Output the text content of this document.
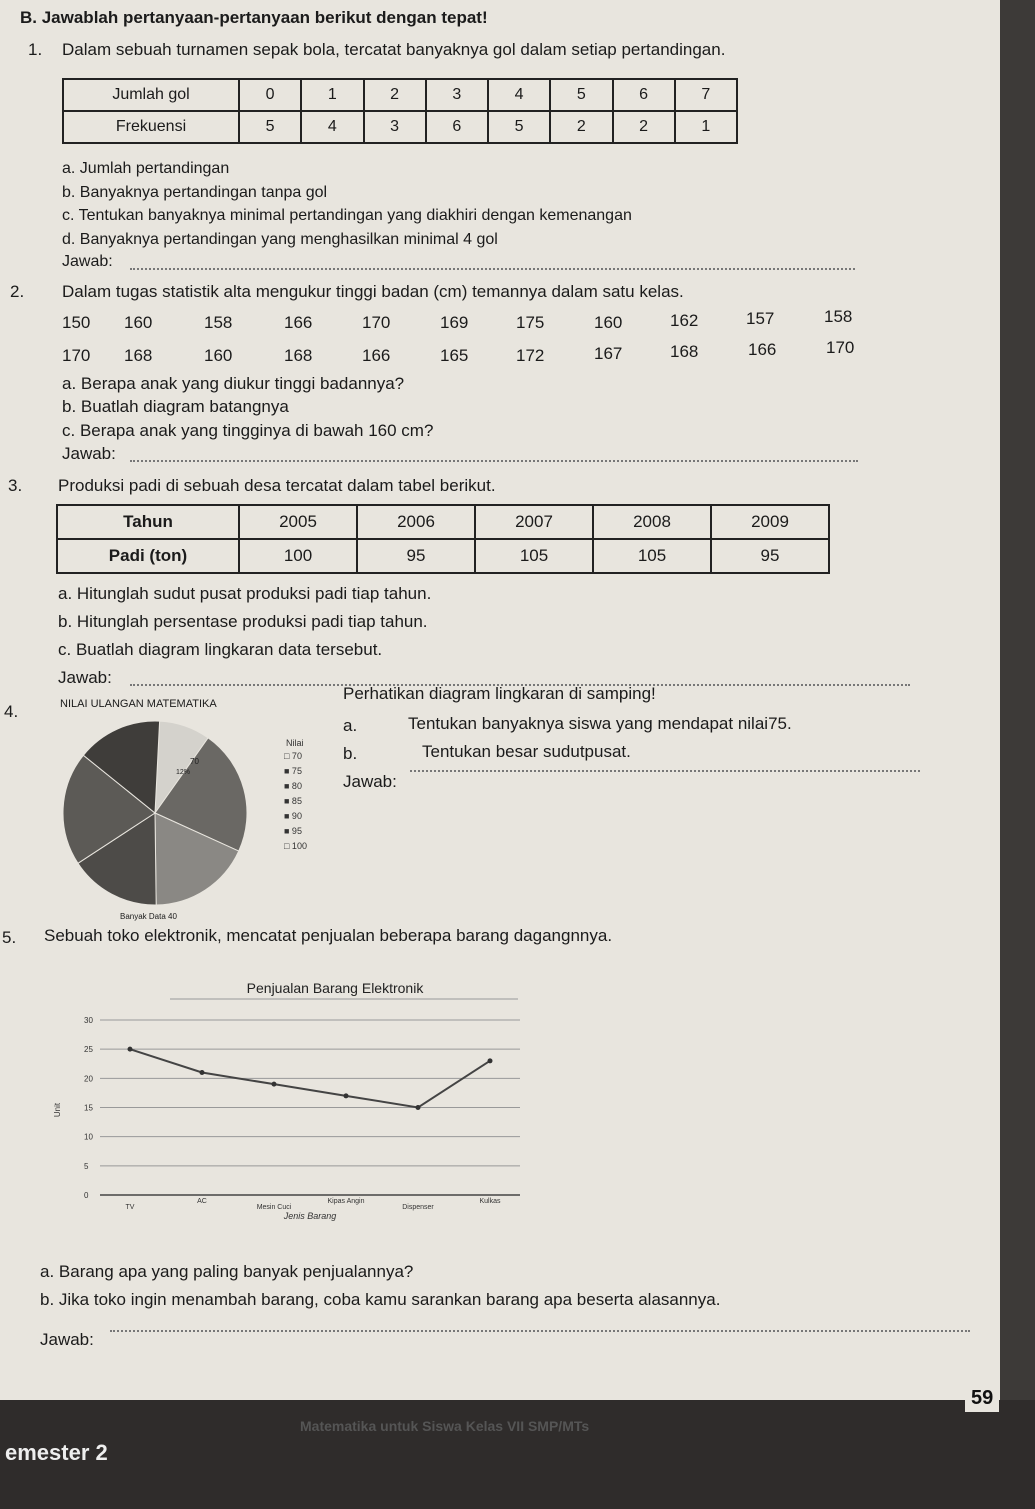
B. Jawablah pertanyaan-pertanyaan berikut dengan tepat!
1. Dalam sebuah turnamen sepak bola, tercatat banyaknya gol dalam setiap pertandingan.
Jumlah gol	0	1	2	3	4	5	6	7
Frekuensi	5	4	3	6	5	2	2	1
a. Jumlah pertandingan
b. Banyaknya pertandingan tanpa gol
c. Tentukan banyaknya minimal pertandingan yang diakhiri dengan kemenangan
d. Banyaknya pertandingan yang menghasilkan minimal 4 gol
Jawab:
2. Dalam tugas statistik alta mengukur tinggi badan (cm) temannya dalam satu kelas.
150 160	158	166	170	169	175	160	162	157	158
170 168	160	168	166	165	172	167	168	166	170
a. Berapa anak yang diukur tinggi badannya?
b. Buatlah diagram batangnya
c. Berapa anak yang tingginya di bawah 160 cm?
Jawab:
3. Produksi padi di sebuah desa tercatat dalam tabel berikut.
Tahun	2005	2006	2007	2008	2009
Padi (ton)	100	95	105	105	95
a. Hitunglah sudut pusat produksi padi tiap tahun.
b. Hitunglah persentase produksi padi tiap tahun.
c. Buatlah diagram lingkaran data tersebut.
Jawab:
4.	NILAI ULANGAN MATEMATIKA
70
12%
Banyak Data 40
Nilai
□ 70
■ 75
■ 80
■ 85
■ 90
■ 95
□ 100
Perhatikan diagram lingkaran di samping!
a.	Tentukan banyaknya siswa yang mendapat nilai75.
b.	Tentukan besar sudutpusat.
Jawab:
5. Sebuah toko elektronik, mencatat penjualan beberapa barang dagangnnya.
Penjualan Barang Elektronik
0
5
10
15
20
25
30
TV
AC
Mesin Cuci
Kipas Angin
Dispenser
Kulkas
Jenis Barang
Unit
a. Barang apa yang paling banyak penjualannya?
b. Jika toko ingin menambah barang, coba kamu sarankan barang apa beserta alasannya.
Jawab:
Matematika untuk Siswa Kelas VII SMP/MTs
59
emester 2
